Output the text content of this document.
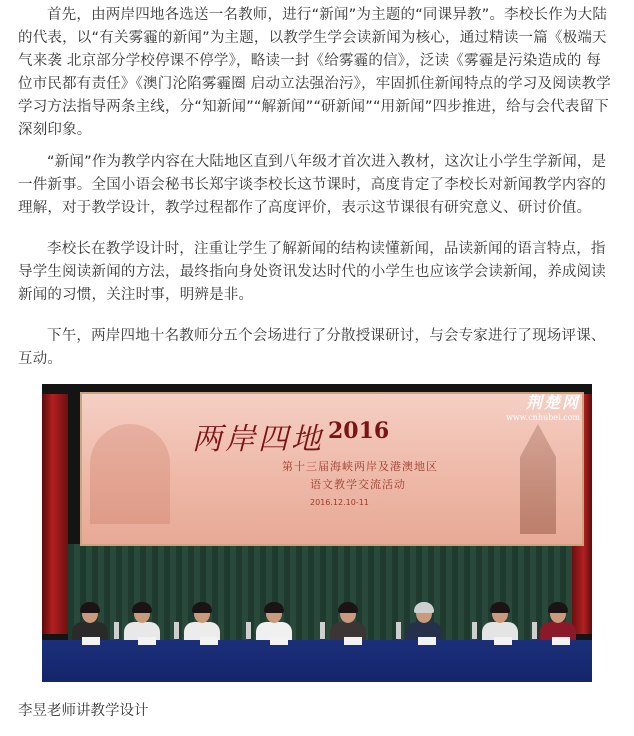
首先，由两岸四地各选送一名教师，进行“新闻”为主题的“同课异教”。李校长作为大陆的代表，以“有关雾霾的新闻”为主题，以教学生学会读新闻为核心，通过精读一篇《极端天气来袭 北京部分学校停课不停学》，略读一封《给雾霾的信》，泛读《雾霾是污染造成的 每位市民都有责任》《澳门沦陷雾霾圈 启动立法强治污》，牢固抓住新闻特点的学习及阅读教学学习方法指导两条主线，分“知新闻”“解新闻”“研新闻”“用新闻”四步推进，给与会代表留下深刻印象。

“新闻”作为教学内容在大陆地区直到八年级才首次进入教材，这次让小学生学新闻，是一件新事。全国小语会秘书长郑宇谈李校长这节课时，高度肯定了李校长对新闻教学内容的理解，对于教学设计，教学过程都作了高度评价，表示这节课很有研究意义、研讨价值。

李校长在教学设计时，注重让学生了解新闻的结构读懂新闻，品读新闻的语言特点，指导学生阅读新闻的方法，最终指向身处资讯发达时代的小学生也应该学会读新闻，养成阅读新闻的习惯，关注时事，明辨是非。

下午，两岸四地十名教师分五个会场进行了分散授课研讨，与会专家进行了现场评课、互动。

两岸四地 2016
第十三届海峡两岸及港澳地区
语文教学交流活动
2016.12.10-11
荆楚网
www.cnhubei.com

李昱老师讲教学设计
